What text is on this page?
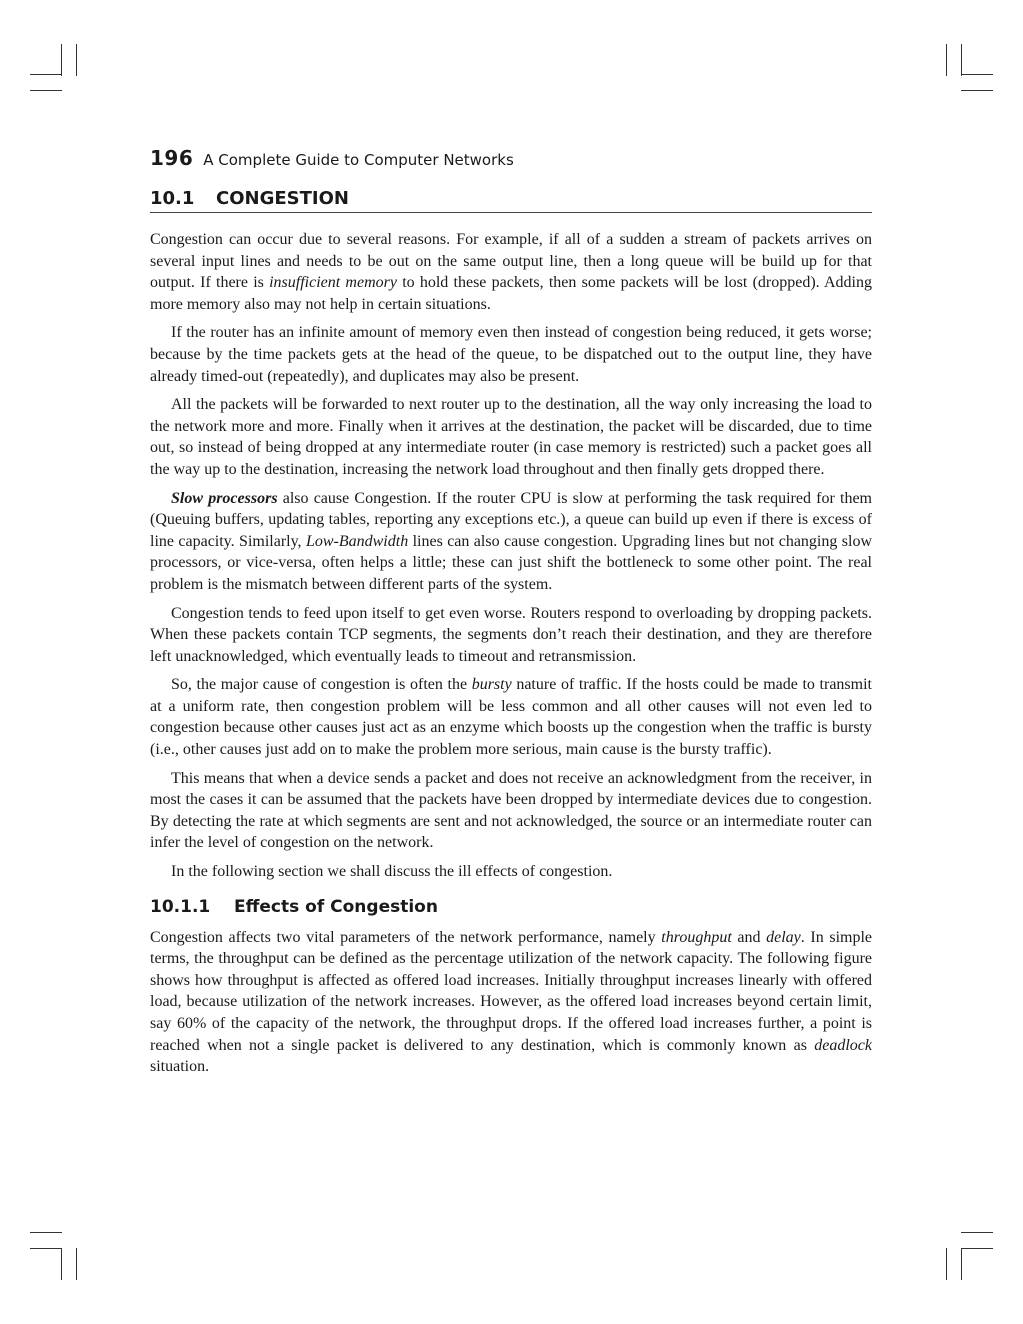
196 A Complete Guide to Computer Networks
10.1 CONGESTION

Congestion can occur due to several reasons. For example, if all of a sudden a stream of packets arrives on several input lines and needs to be out on the same output line, then a long queue will be build up for that output. If there is insufficient memory to hold these packets, then some packets will be lost (dropped). Adding more memory also may not help in certain situations.

If the router has an infinite amount of memory even then instead of congestion being reduced, it gets worse; because by the time packets gets at the head of the queue, to be dispatched out to the output line, they have already timed-out (repeatedly), and duplicates may also be present.

All the packets will be forwarded to next router up to the destination, all the way only increasing the load to the network more and more. Finally when it arrives at the destination, the packet will be discarded, due to time out, so instead of being dropped at any intermediate router (in case memory is restricted) such a packet goes all the way up to the destination, increasing the network load throughout and then finally gets dropped there.

Slow processors also cause Congestion. If the router CPU is slow at performing the task required for them (Queuing buffers, updating tables, reporting any exceptions etc.), a queue can build up even if there is excess of line capacity. Similarly, Low-Bandwidth lines can also cause congestion. Upgrading lines but not changing slow processors, or vice-versa, often helps a little; these can just shift the bottleneck to some other point. The real problem is the mismatch between different parts of the system.

Congestion tends to feed upon itself to get even worse. Routers respond to overloading by dropping packets. When these packets contain TCP segments, the segments don’t reach their destination, and they are therefore left unacknowledged, which eventually leads to timeout and retransmission.

So, the major cause of congestion is often the bursty nature of traffic. If the hosts could be made to transmit at a uniform rate, then congestion problem will be less common and all other causes will not even led to congestion because other causes just act as an enzyme which boosts up the congestion when the traffic is bursty (i.e., other causes just add on to make the problem more serious, main cause is the bursty traffic).

This means that when a device sends a packet and does not receive an acknowledgment from the receiver, in most the cases it can be assumed that the packets have been dropped by intermediate devices due to congestion. By detecting the rate at which segments are sent and not acknowledged, the source or an intermediate router can infer the level of congestion on the network.

In the following section we shall discuss the ill effects of congestion.

10.1.1 Effects of Congestion

Congestion affects two vital parameters of the network performance, namely throughput and delay. In simple terms, the throughput can be defined as the percentage utilization of the network capacity. The following figure shows how throughput is affected as offered load increases. Initially throughput increases linearly with offered load, because utilization of the network increases. However, as the offered load increases beyond certain limit, say 60% of the capacity of the network, the throughput drops. If the offered load increases further, a point is reached when not a single packet is delivered to any destination, which is commonly known as deadlock situation.
